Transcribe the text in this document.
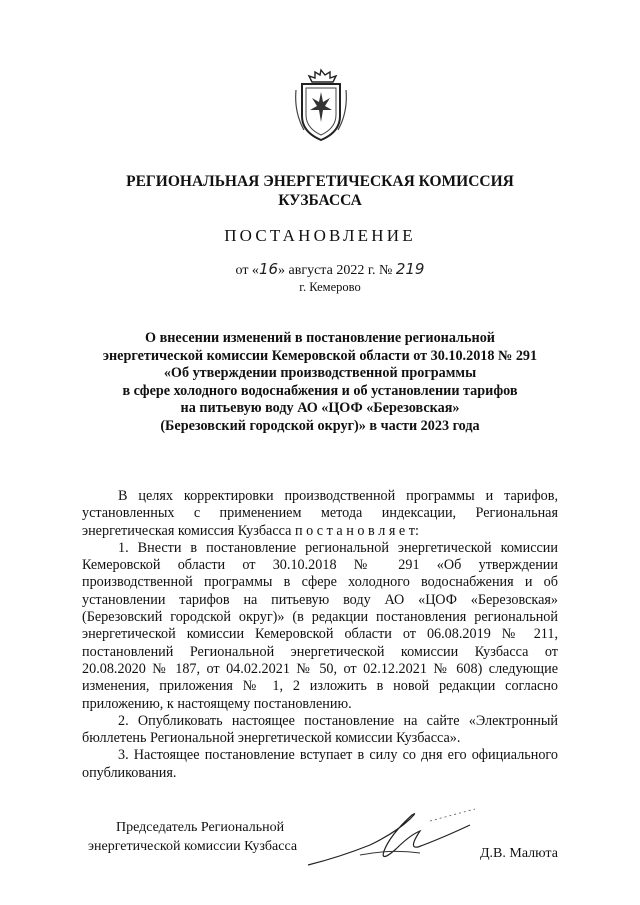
РЕГИОНАЛЬНАЯ ЭНЕРГЕТИЧЕСКАЯ КОМИССИЯ
КУЗБАССА
ПОСТАНОВЛЕНИЕ
от «16» августа 2022 г. № 219
г. Кемерово
О внесении изменений в постановление региональной
энергетической комиссии Кемеровской области от 30.10.2018 № 291
«Об утверждении производственной программы
в сфере холодного водоснабжения и об установлении тарифов
на питьевую воду АО «ЦОФ «Березовская»
(Березовский городской округ)» в части 2023 года

В целях корректировки производственной программы и тарифов, установленных с применением метода индексации, Региональная энергетическая комиссия Кузбасса п о с т а н о в л я е т:

1. Внести в постановление региональной энергетической комиссии Кемеровской области от 30.10.2018 № 291 «Об утверждении производственной программы в сфере холодного водоснабжения и об установлении тарифов на питьевую воду АО «ЦОФ «Березовская» (Березовский городской округ)» (в редакции постановления региональной энергетической комиссии Кемеровской области от 06.08.2019 № 211, постановлений Региональной энергетической комиссии Кузбасса от 20.08.2020 № 187, от 04.02.2021 № 50, от 02.12.2021 № 608) следующие изменения, приложения № 1, 2 изложить в новой редакции согласно приложению, к настоящему постановлению.

2. Опубликовать настоящее постановление на сайте «Электронный бюллетень Региональной энергетической комиссии Кузбасса».

3. Настоящее постановление вступает в силу со дня его официального опубликования.

Председатель Региональной
энергетической комиссии Кузбасса	Д.В. Малюта
